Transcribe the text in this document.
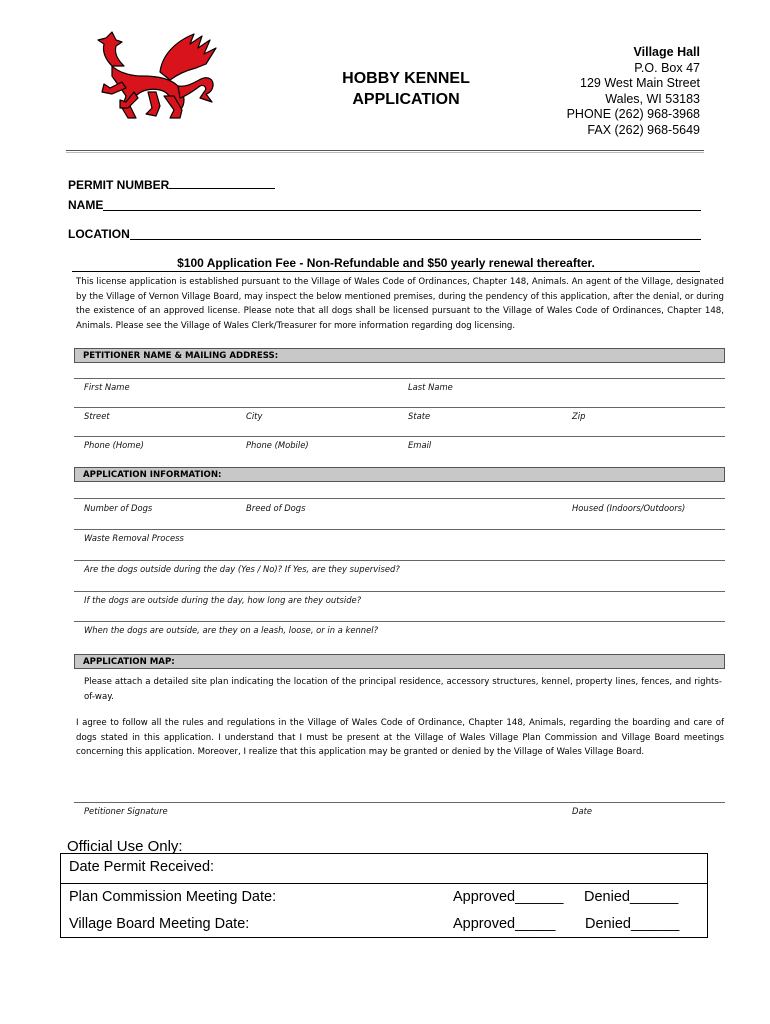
HOBBY KENNEL
APPLICATION
Village Hall
P.O. Box 47
129 West Main Street
Wales, WI 53183
PHONE (262) 968-3968
FAX (262) 968-5649
PERMIT NUMBER
NAME
LOCATION
$100 Application Fee - Non-Refundable and $50 yearly renewal thereafter.
This license application is established pursuant to the Village of Wales Code of Ordinances, Chapter 148, Animals. An agent of the Village, designated by the Village of Vernon Village Board, may inspect the below mentioned premises, during the pendency of this application, after the denial, or during the existence of an approved license. Please note that all dogs shall be licensed pursuant to the Village of Wales Code of Ordinances, Chapter 148, Animals. Please see the Village of Wales Clerk/Treasurer for more information regarding dog licensing.
PETITIONER NAME & MAILING ADDRESS:
First Name	Last Name
Street	City	State	Zip
Phone (Home)	Phone (Mobile)	Email
APPLICATION INFORMATION:
Number of Dogs	Breed of Dogs	Housed (Indoors/Outdoors)
Waste Removal Process
Are the dogs outside during the day (Yes / No)? If Yes, are they supervised?
If the dogs are outside during the day, how long are they outside?
When the dogs are outside, are they on a leash, loose, or in a kennel?
APPLICATION MAP:
Please attach a detailed site plan indicating the location of the principal residence, accessory structures, kennel, property lines, fences, and rights-of-way.
I agree to follow all the rules and regulations in the Village of Wales Code of Ordinance, Chapter 148, Animals, regarding the boarding and care of dogs stated in this application. I understand that I must be present at the Village of Wales Village Plan Commission and Village Board meetings concerning this application. Moreover, I realize that this application may be granted or denied by the Village of Wales Village Board.
Petitioner Signature	Date
Official Use Only:
Date Permit Received:
Plan Commission Meeting Date:	Approved______ Denied______
Village Board Meeting Date:	Approved_____ Denied______
